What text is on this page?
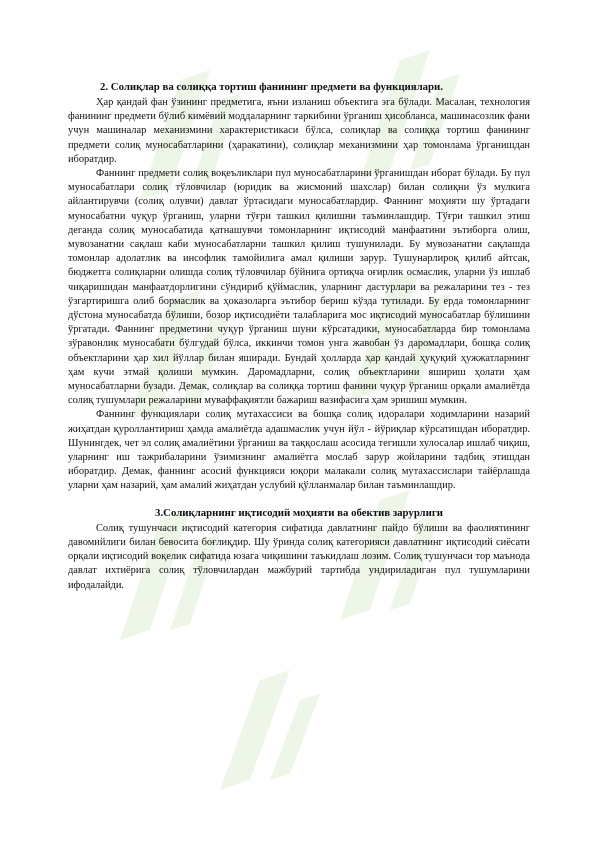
2. Солиқлар ва солиққа тортиш фанининг предмети ва функциялари.

Ҳар қандай фан ўзининг предметига, яъни изланиш объектига эга бўлади. Масалан, технология фанининг предмети бўлиб кимёвий моддаларнинг таркибини ўрганиш ҳисобланса, машинасозлик фани учун машиналар механизмини характеристикаси бўлса, солиқлар ва солиққа тортиш фанининг предмети солиқ муносабатларини (ҳаракатини), солиқлар механизмини ҳар томонлама ўрганишдан иборатдир.

Фаннинг предмети солиқ воқеъликлари пул муносабатларини ўрганишдан иборат бўлади. Бу пул муносабатлари солиқ тўловчилар (юридик ва жисмоний шахслар) билан солиқни ўз мулкига айлантирувчи (солиқ олувчи) давлат ўртасидаги муносабатлардир. Фаннинг моҳияти шу ўртадаги муносабатни чуқур ўрганиш, уларни тўғри ташкил қилишни таъминлашдир. Тўғри ташкил этиш деганда солиқ муносабатида қатнашувчи томонларнинг иқтисодий манфаатини эътиборга олиш, мувозанатни сақлаш каби муносабатларни ташкил қилиш тушунилади. Бу мувозанатни сақлашда томонлар адолатлик ва инсофлик тамойилига амал қилиши зарур. Тушунарлироқ қилиб айтсак, бюджетга солиқларни олишда солиқ тўловчилар бўйнига ортиқча оғирлик осмаслик, уларни ўз ишлаб чиқаришидан манфаатдорлигини сўндириб қўймаслик, уларнинг дастурлари ва режаларини тез - тез ўзгартиришга олиб бормаслик ва ҳоказоларга эътибор бериш кўзда тутилади. Бу ерда томонларнинг дўстона муносабатда бўлиши, бозор иқтисодиёти талабларига мос иқтисодий муносабатлар бўлишини ўргатади. Фаннинг предметини чуқур ўрганиш шуни кўрсатадики, муносабатларда бир томонлама зўравонлик муносабати бўлгудай бўлса, иккинчи томон унга жавобан ўз даромадлари, бошқа солиқ объектларини ҳар хил йўллар билан яширади. Бундай ҳолларда ҳар қандай ҳуқуқий ҳужжатларнинг ҳам кучи этмай қолиши мумкин. Даромадларни, солиқ объектларини яшириш ҳолати ҳам муносабатларни бузади. Демак, солиқлар ва солиққа тортиш фанини чуқур ўрганиш орқали амалиётда солиқ тушумлари режаларини муваффақиятли бажариш вазифасига ҳам эришиш мумкин.

Фаннинг функциялари солиқ мутахассиси ва бошқа солиқ идоралари ходимларини назарий жиҳатдан қуроллантириш ҳамда амалиётда адашмаслик учун йўл - йўриқлар кўрсатишдан иборатдир. Шунингдек, чет эл солиқ амалиётини ўрганиш ва таққослаш асосида тегишли хулосалар ишлаб чиқиш, уларнинг иш тажрибаларини ўзимизнинг амалиётга мослаб зарур жойларини тадбиқ этишдан иборатдир. Демак, фаннинг асосий функцияси юқори малакали солиқ мутахассислари тайёрлашда уларни ҳам назарий, ҳам амалий жиҳатдан услубий қўлланмалар билан таъминлашдир.

3.Солиқларнинг иқтисодий моҳияти ва обектив зарурлиги

Солиқ тушунчаси иқтисодий категория сифатида давлатнинг пайдо бўлиши ва фаолиятининг давомийлиги билан бевосита боғлиқдир. Шу ўринда солиқ категорияси давлатнинг иқтисодий сиёсати орқали иқтисодий воқелик сифатида юзага чиқишини таъкидлаш лозим. Солиқ тушунчаси тор маънода давлат ихтиёрига солиқ тўловчилардан мажбурий тартибда ундириладиган пул тушумларини ифодалайди.
